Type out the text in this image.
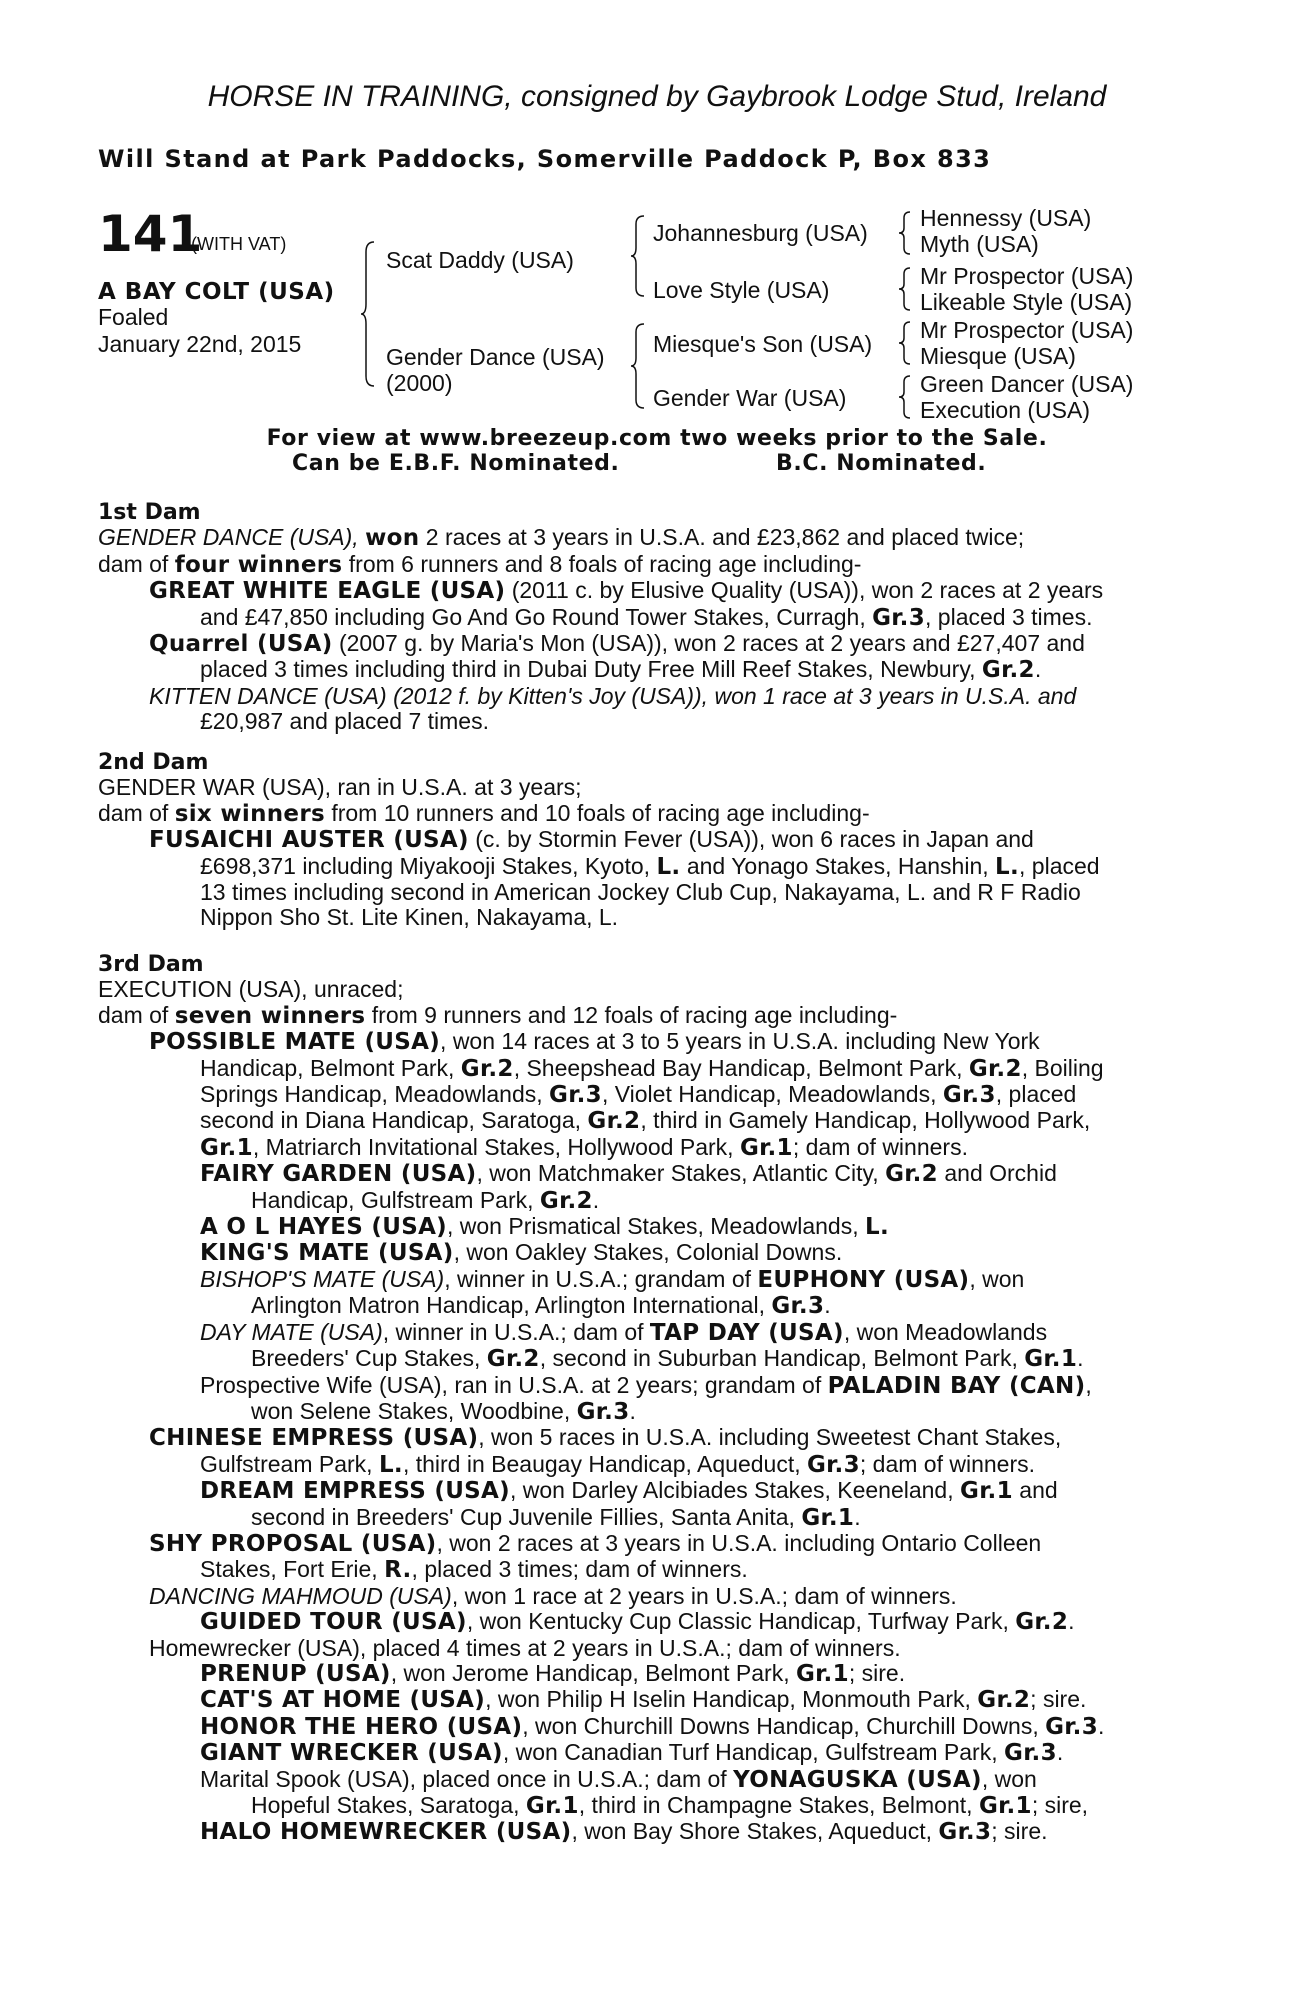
HORSE IN TRAINING, consigned by Gaybrook Lodge Stud, Ireland
Will Stand at Park Paddocks, Somerville Paddock P, Box 833
141
(WITH VAT)
A BAY COLT (USA)
Foaled
January 22nd, 2015
Scat Daddy (USA)
Gender Dance (USA)
(2000)
Johannesburg (USA)
Love Style (USA)
Miesque's Son (USA)
Gender War (USA)
Hennessy (USA)
Myth (USA)
Mr Prospector (USA)
Likeable Style (USA)
Mr Prospector (USA)
Miesque (USA)
Green Dancer (USA)
Execution (USA)
For view at www.breezeup.com two weeks prior to the Sale.
Can be E.B.F. Nominated.	B.C. Nominated.
1st Dam
GENDER DANCE (USA), won 2 races at 3 years in U.S.A. and £23,862 and placed twice;
dam of four winners from 6 runners and 8 foals of racing age including-
GREAT WHITE EAGLE (USA) (2011 c. by Elusive Quality (USA)), won 2 races at 2 years
and £47,850 including Go And Go Round Tower Stakes, Curragh, Gr.3, placed 3 times.
Quarrel (USA) (2007 g. by Maria's Mon (USA)), won 2 races at 2 years and £27,407 and
placed 3 times including third in Dubai Duty Free Mill Reef Stakes, Newbury, Gr.2.
KITTEN DANCE (USA) (2012 f. by Kitten's Joy (USA)), won 1 race at 3 years in U.S.A. and
£20,987 and placed 7 times.
2nd Dam
GENDER WAR (USA), ran in U.S.A. at 3 years;
dam of six winners from 10 runners and 10 foals of racing age including-
FUSAICHI AUSTER (USA) (c. by Stormin Fever (USA)), won 6 races in Japan and
£698,371 including Miyakooji Stakes, Kyoto, L. and Yonago Stakes, Hanshin, L., placed
13 times including second in American Jockey Club Cup, Nakayama, L. and R F Radio
Nippon Sho St. Lite Kinen, Nakayama, L.
3rd Dam
EXECUTION (USA), unraced;
dam of seven winners from 9 runners and 12 foals of racing age including-
POSSIBLE MATE (USA), won 14 races at 3 to 5 years in U.S.A. including New York
Handicap, Belmont Park, Gr.2, Sheepshead Bay Handicap, Belmont Park, Gr.2, Boiling
Springs Handicap, Meadowlands, Gr.3, Violet Handicap, Meadowlands, Gr.3, placed
second in Diana Handicap, Saratoga, Gr.2, third in Gamely Handicap, Hollywood Park,
Gr.1, Matriarch Invitational Stakes, Hollywood Park, Gr.1; dam of winners.
FAIRY GARDEN (USA), won Matchmaker Stakes, Atlantic City, Gr.2 and Orchid
Handicap, Gulfstream Park, Gr.2.
A O L HAYES (USA), won Prismatical Stakes, Meadowlands, L.
KING'S MATE (USA), won Oakley Stakes, Colonial Downs.
BISHOP'S MATE (USA), winner in U.S.A.; grandam of EUPHONY (USA), won
Arlington Matron Handicap, Arlington International, Gr.3.
DAY MATE (USA), winner in U.S.A.; dam of TAP DAY (USA), won Meadowlands
Breeders' Cup Stakes, Gr.2, second in Suburban Handicap, Belmont Park, Gr.1.
Prospective Wife (USA), ran in U.S.A. at 2 years; grandam of PALADIN BAY (CAN),
won Selene Stakes, Woodbine, Gr.3.
CHINESE EMPRESS (USA), won 5 races in U.S.A. including Sweetest Chant Stakes,
Gulfstream Park, L., third in Beaugay Handicap, Aqueduct, Gr.3; dam of winners.
DREAM EMPRESS (USA), won Darley Alcibiades Stakes, Keeneland, Gr.1 and
second in Breeders' Cup Juvenile Fillies, Santa Anita, Gr.1.
SHY PROPOSAL (USA), won 2 races at 3 years in U.S.A. including Ontario Colleen
Stakes, Fort Erie, R., placed 3 times; dam of winners.
DANCING MAHMOUD (USA), won 1 race at 2 years in U.S.A.; dam of winners.
GUIDED TOUR (USA), won Kentucky Cup Classic Handicap, Turfway Park, Gr.2.
Homewrecker (USA), placed 4 times at 2 years in U.S.A.; dam of winners.
PRENUP (USA), won Jerome Handicap, Belmont Park, Gr.1; sire.
CAT'S AT HOME (USA), won Philip H Iselin Handicap, Monmouth Park, Gr.2; sire.
HONOR THE HERO (USA), won Churchill Downs Handicap, Churchill Downs, Gr.3.
GIANT WRECKER (USA), won Canadian Turf Handicap, Gulfstream Park, Gr.3.
Marital Spook (USA), placed once in U.S.A.; dam of YONAGUSKA (USA), won
Hopeful Stakes, Saratoga, Gr.1, third in Champagne Stakes, Belmont, Gr.1; sire,
HALO HOMEWRECKER (USA), won Bay Shore Stakes, Aqueduct, Gr.3; sire.
